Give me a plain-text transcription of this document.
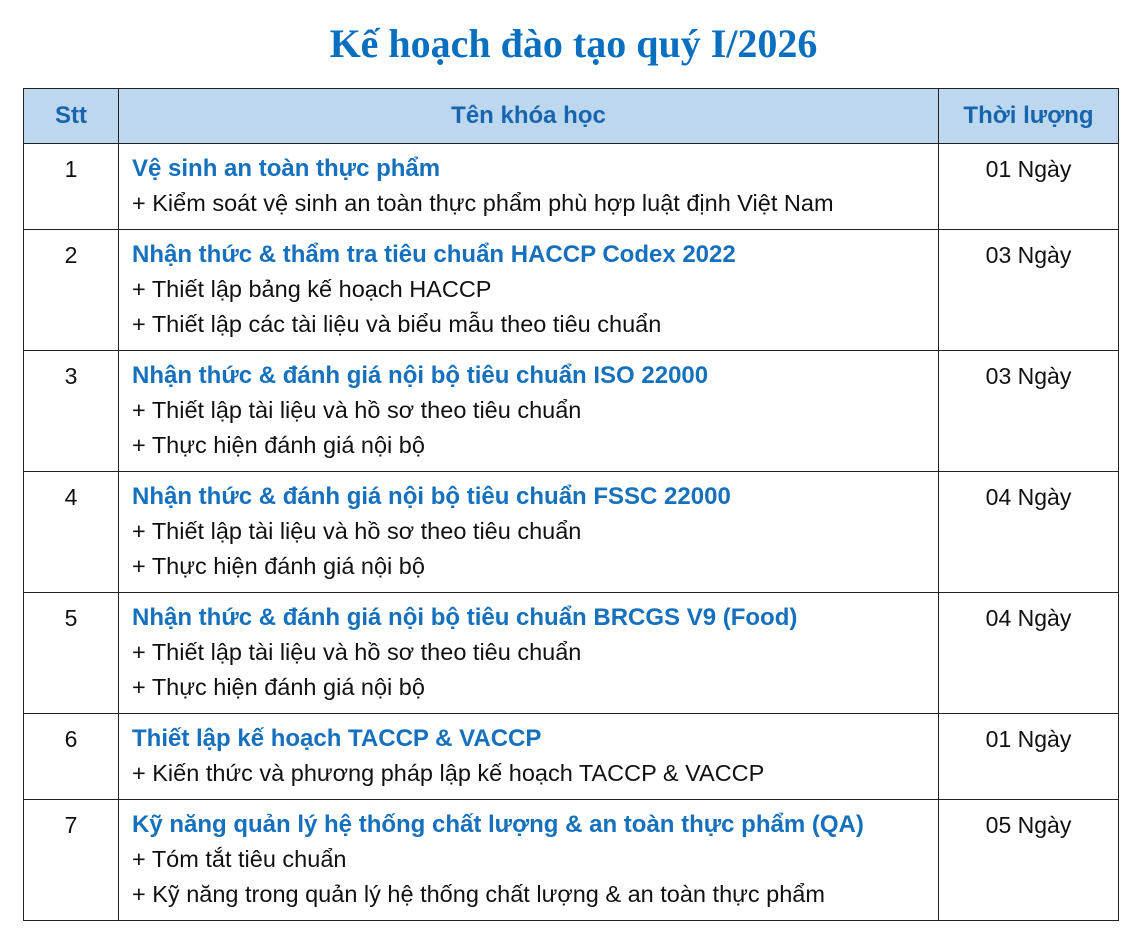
Kế hoạch đào tạo quý I/2026
Stt	Tên khóa học	Thời lượng
1	Vệ sinh an toàn thực phẩm
+ Kiểm soát vệ sinh an toàn thực phẩm phù hợp luật định Việt Nam	01 Ngày
2	Nhận thức & thẩm tra tiêu chuẩn HACCP Codex 2022
+ Thiết lập bảng kế hoạch HACCP
+ Thiết lập các tài liệu và biểu mẫu theo tiêu chuẩn	03 Ngày
3	Nhận thức & đánh giá nội bộ tiêu chuẩn ISO 22000
+ Thiết lập tài liệu và hồ sơ theo tiêu chuẩn
+ Thực hiện đánh giá nội bộ	03 Ngày
4	Nhận thức & đánh giá nội bộ tiêu chuẩn FSSC 22000
+ Thiết lập tài liệu và hồ sơ theo tiêu chuẩn
+ Thực hiện đánh giá nội bộ	04 Ngày
5	Nhận thức & đánh giá nội bộ tiêu chuẩn BRCGS V9 (Food)
+ Thiết lập tài liệu và hồ sơ theo tiêu chuẩn
+ Thực hiện đánh giá nội bộ	04 Ngày
6	Thiết lập kế hoạch TACCP & VACCP
+ Kiến thức và phương pháp lập kế hoạch TACCP & VACCP	01 Ngày
7	Kỹ năng quản lý hệ thống chất lượng & an toàn thực phẩm (QA)
+ Tóm tắt tiêu chuẩn
+ Kỹ năng trong quản lý hệ thống chất lượng & an toàn thực phẩm	05 Ngày
